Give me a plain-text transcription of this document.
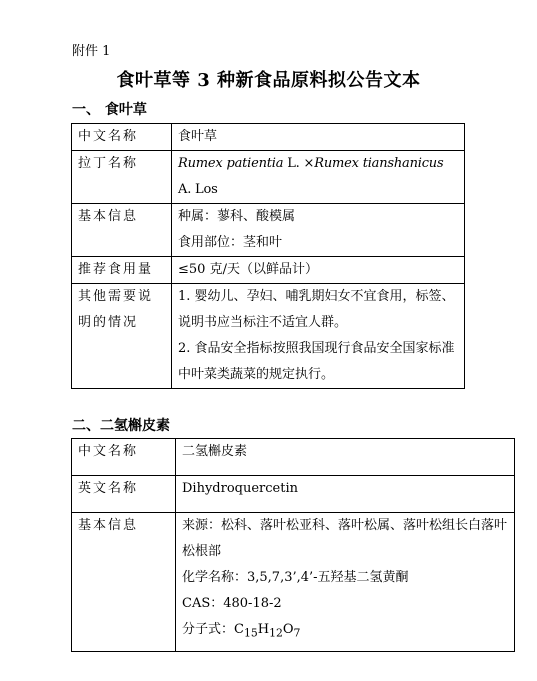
附件 1
食叶草等 3 种新食品原料拟公告文本
一、 食叶草
中文名称	食叶草
拉丁名称	Rumex patientia L. ×Rumex tianshanicus A. Los
基本信息	种属：蓼科、酸模属
食用部位：茎和叶

推荐食用量	≤50 克/天（以鲜品计）
其他需要说明的情况	1. 婴幼儿、孕妇、哺乳期妇女不宜食用，标签、说明书应当标注不适宜人群。
2. 食品安全指标按照我国现行食品安全国家标准中叶菜类蔬菜的规定执行。
二、二氢槲皮素
中文名称	二氢槲皮素
英文名称	Dihydroquercetin
基本信息	来源：松科、落叶松亚科、落叶松属、落叶松组长白落叶松根部
化学名称：3,5,7,3’,4’-五羟基二氢黄酮
CAS：480-18-2
分子式：$C_{15}H_{12}O_7$
